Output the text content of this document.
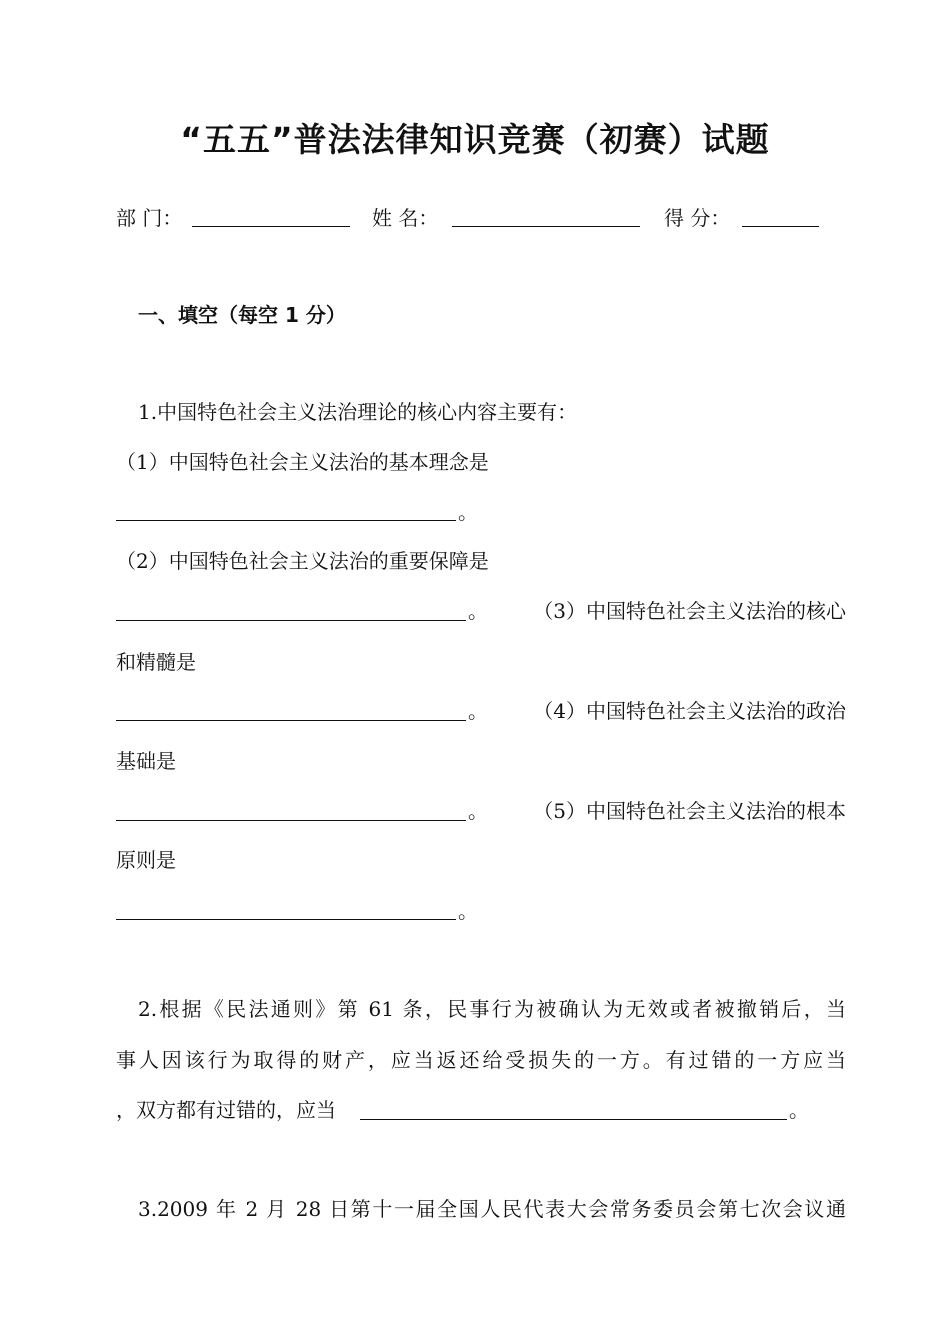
“五五”普法法律知识竞赛（初赛）试题
部 门：	姓 名：	得 分：
一、填空（每空 1 分）
1.中国特色社会主义法治理论的核心内容主要有：
（1）中国特色社会主义法治的基本理念是
。
（2）中国特色社会主义法治的重要保障是
。	（3）中国特色社会主义法治的核心
和精髓是
。	（4）中国特色社会主义法治的政治
基础是
。	（5）中国特色社会主义法治的根本
原则是
。
2.根据《民法通则》第 61 条，民事行为被确认为无效或者被撤销后，当
事人因该行为取得的财产，应当返还给受损失的一方。有过错的一方应当
，双方都有过错的，应当	。
3.2009 年 2 月 28 日第十一届全国人民代表大会常务委员会第七次会议通
